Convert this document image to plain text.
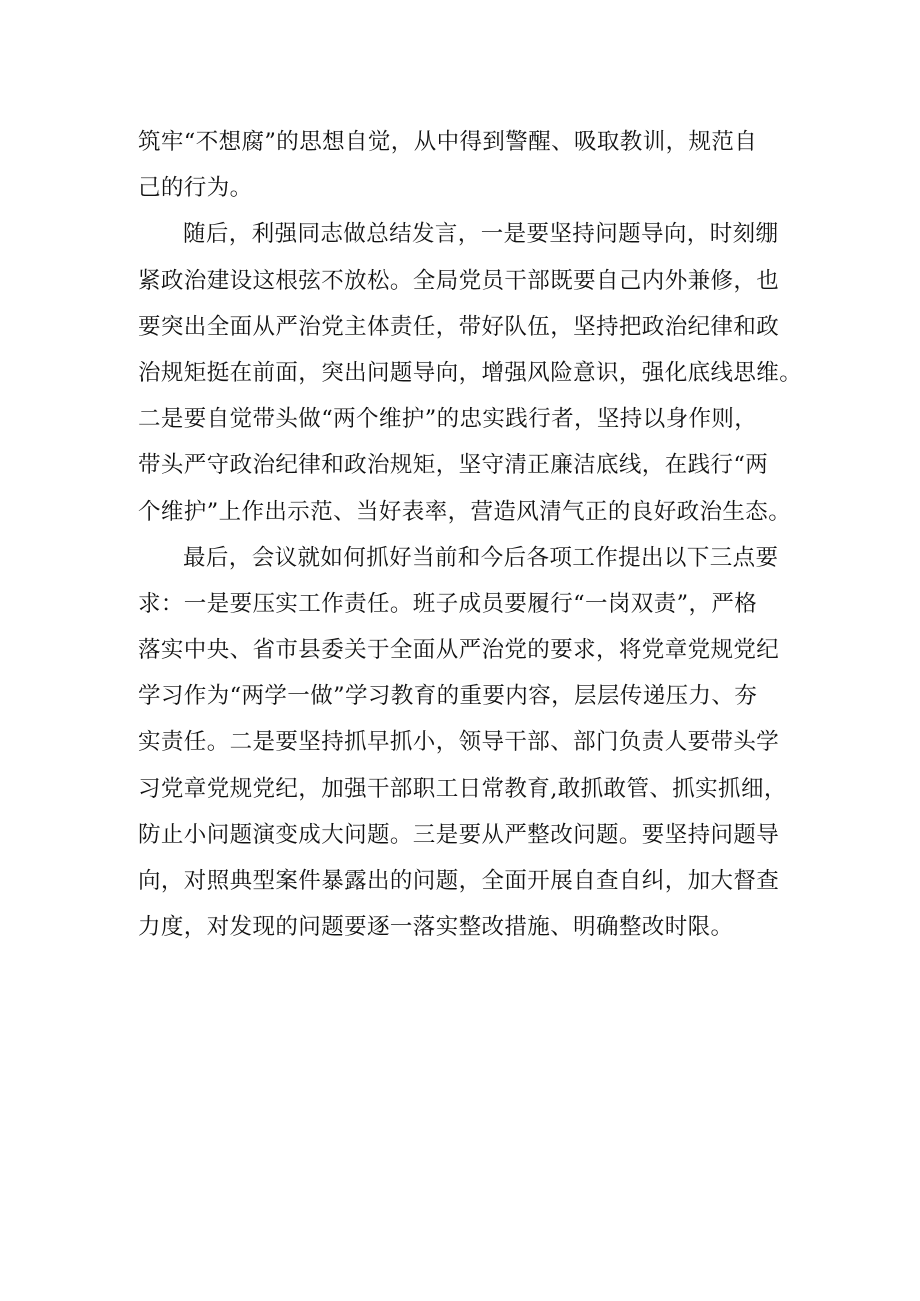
筑牢“不想腐”的思想自觉，从中得到警醒、吸取教训，规范自
己的行为。
随后，利强同志做总结发言，一是要坚持问题导向，时刻绷
紧政治建设这根弦不放松。全局党员干部既要自己内外兼修，也
要突出全面从严治党主体责任，带好队伍，坚持把政治纪律和政
治规矩挺在前面，突出问题导向，增强风险意识，强化底线思维。
二是要自觉带头做“两个维护”的忠实践行者，坚持以身作则，
带头严守政治纪律和政治规矩，坚守清正廉洁底线，在践行“两
个维护”上作出示范、当好表率，营造风清气正的良好政治生态。
最后，会议就如何抓好当前和今后各项工作提出以下三点要
求：一是要压实工作责任。班子成员要履行“一岗双责”，严格
落实中央、省市县委关于全面从严治党的要求，将党章党规党纪
学习作为“两学一做”学习教育的重要内容，层层传递压力、夯
实责任。二是要坚持抓早抓小，领导干部、部门负责人要带头学
习党章党规党纪，加强干部职工日常教育,敢抓敢管、抓实抓细，
防止小问题演变成大问题。三是要从严整改问题。要坚持问题导
向，对照典型案件暴露出的问题，全面开展自查自纠，加大督查
力度，对发现的问题要逐一落实整改措施、明确整改时限。
